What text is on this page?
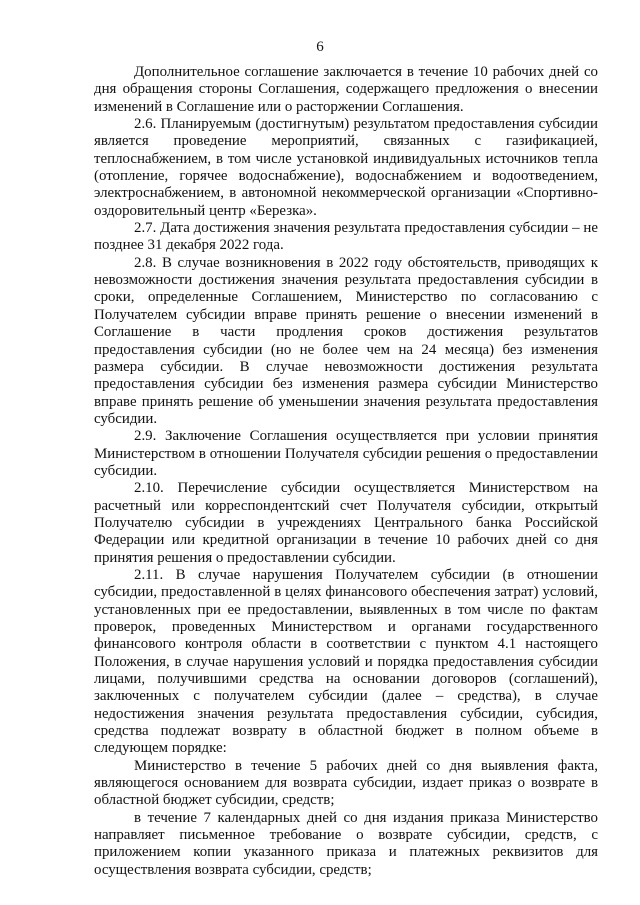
6

Дополнительное соглашение заключается в течение 10 рабочих дней со дня обращения стороны Соглашения, содержащего предложения о внесении изменений в Соглашение или о расторжении Соглашения.

2.6. Планируемым (достигнутым) результатом предоставления субсидии является проведение мероприятий, связанных с газификацией, теплоснабжением, в том числе установкой индивидуальных источников тепла (отопление, горячее водоснабжение), водоснабжением и водоотведением, электроснабжением, в автономной некоммерческой организации «Спортивно-оздоровительный центр «Березка».

2.7. Дата достижения значения результата предоставления субсидии – не позднее 31 декабря 2022 года.

2.8. В случае возникновения в 2022 году обстоятельств, приводящих к невозможности достижения значения результата предоставления субсидии в сроки, определенные Соглашением, Министерство по согласованию с Получателем субсидии вправе принять решение о внесении изменений в Соглашение в части продления сроков достижения результатов предоставления субсидии (но не более чем на 24 месяца) без изменения размера субсидии. В случае невозможности достижения результата предоставления субсидии без изменения размера субсидии Министерство вправе принять решение об уменьшении значения результата предоставления субсидии.

2.9. Заключение Соглашения осуществляется при условии принятия Министерством в отношении Получателя субсидии решения о предоставлении субсидии.

2.10. Перечисление субсидии осуществляется Министерством на расчетный или корреспондентский счет Получателя субсидии, открытый Получателю субсидии в учреждениях Центрального банка Российской Федерации или кредитной организации в течение 10 рабочих дней со дня принятия решения о предоставлении субсидии.

2.11. В случае нарушения Получателем субсидии (в отношении субсидии, предоставленной в целях финансового обеспечения затрат) условий, установленных при ее предоставлении, выявленных в том числе по фактам проверок, проведенных Министерством и органами государственного финансового контроля области в соответствии с пунктом 4.1 настоящего Положения, в случае нарушения условий и порядка предоставления субсидии лицами, получившими средства на основании договоров (соглашений), заключенных с получателем субсидии (далее – средства), в случае недостижения значения результата предоставления субсидии, субсидия, средства подлежат возврату в областной бюджет в полном объеме в следующем порядке:

Министерство в течение 5 рабочих дней со дня выявления факта, являющегося основанием для возврата субсидии, издает приказ о возврате в областной бюджет субсидии, средств;

в течение 7 календарных дней со дня издания приказа Министерство направляет письменное требование о возврате субсидии, средств, с приложением копии указанного приказа и платежных реквизитов для осуществления возврата субсидии, средств;
